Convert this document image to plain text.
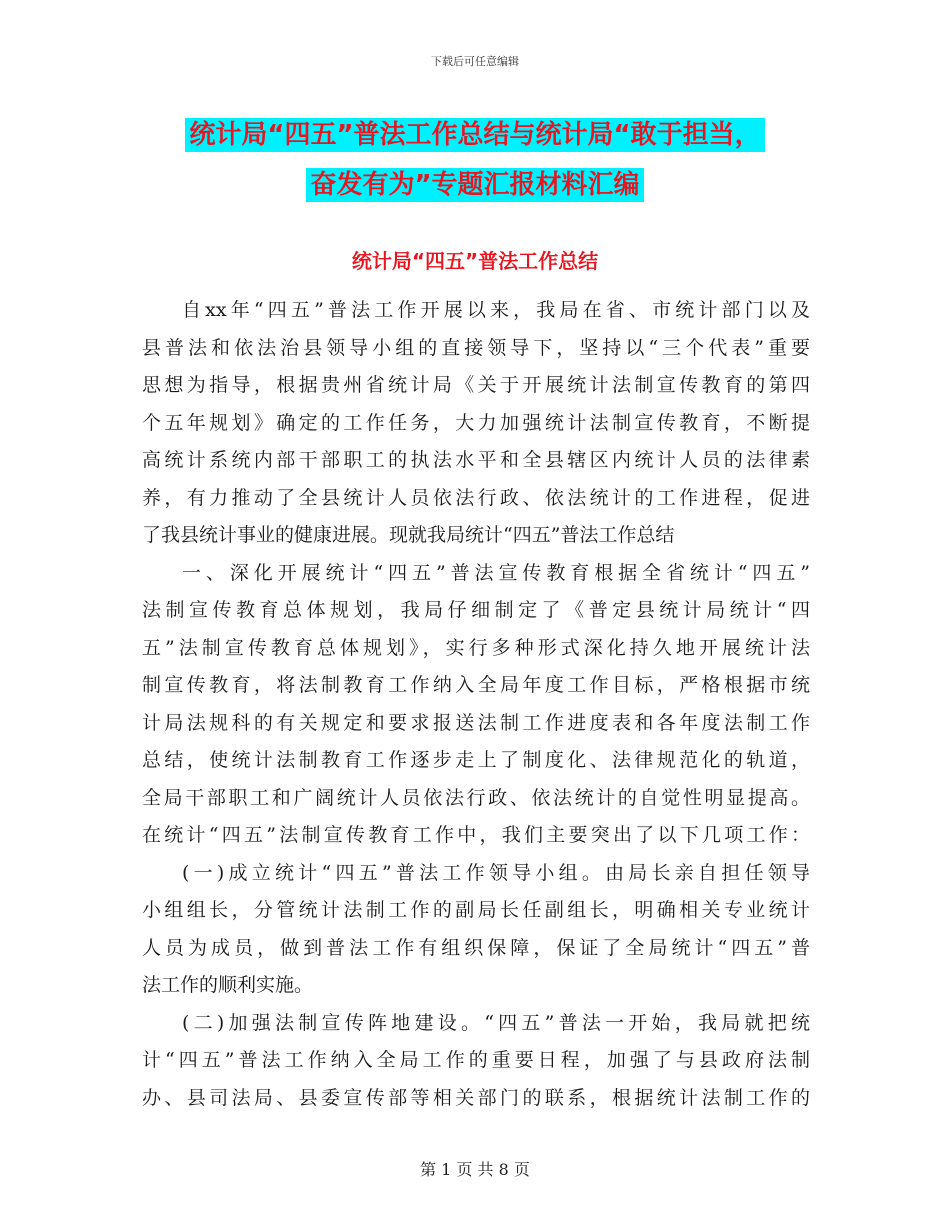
下载后可任意编辑
统计局“四五”普法工作总结与统计局“敢于担当，
奋发有为”专题汇报材料汇编
统计局“四五”普法工作总结
自xx年“四五”普法工作开展以来，我局在省、市统计部门以及
县普法和依法治县领导小组的直接领导下，坚持以“三个代表”重要
思想为指导，根据贵州省统计局《关于开展统计法制宣传教育的第四
个五年规划》确定的工作任务，大力加强统计法制宣传教育，不断提
高统计系统内部干部职工的执法水平和全县辖区内统计人员的法律素
养，有力推动了全县统计人员依法行政、依法统计的工作进程，促进
了我县统计事业的健康进展。现就我局统计“四五”普法工作总结
一、深化开展统计“四五”普法宣传教育根据全省统计“四五”
法制宣传教育总体规划，我局仔细制定了《普定县统计局统计“四
五”法制宣传教育总体规划》，实行多种形式深化持久地开展统计法
制宣传教育，将法制教育工作纳入全局年度工作目标，严格根据市统
计局法规科的有关规定和要求报送法制工作进度表和各年度法制工作
总结，使统计法制教育工作逐步走上了制度化、法律规范化的轨道，
全局干部职工和广阔统计人员依法行政、依法统计的自觉性明显提高。
在统计“四五”法制宣传教育工作中，我们主要突出了以下几项工作：
(一)成立统计“四五”普法工作领导小组。由局长亲自担任领导
小组组长，分管统计法制工作的副局长任副组长，明确相关专业统计
人员为成员，做到普法工作有组织保障，保证了全局统计“四五”普
法工作的顺利实施。
(二)加强法制宣传阵地建设。“四五”普法一开始，我局就把统
计“四五”普法工作纳入全局工作的重要日程，加强了与县政府法制
办、县司法局、县委宣传部等相关部门的联系，根据统计法制工作的
第 1 页 共 8 页
